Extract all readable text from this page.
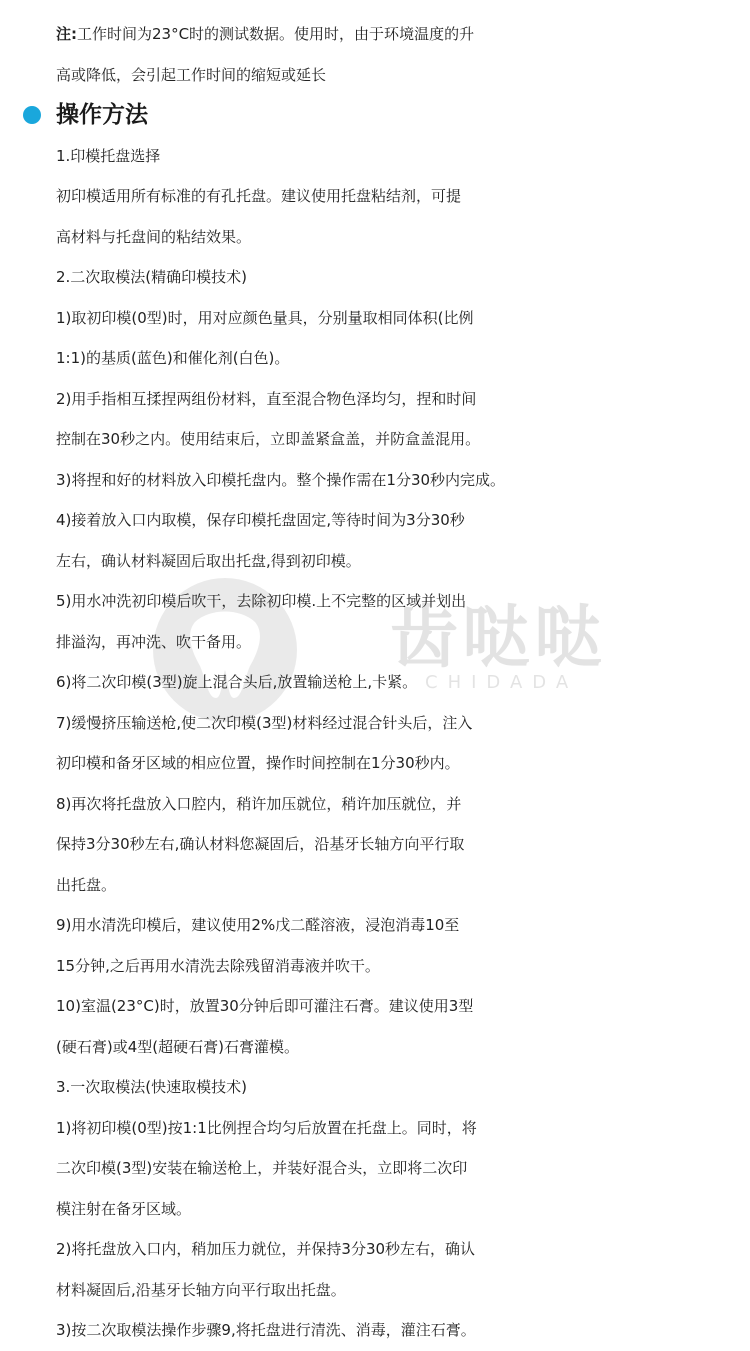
齿哒哒
CHIDADA
注:工作时间为23°C时的测试数据。使用时，由于环境温度的升
高或降低，会引起工作时间的缩短或延长
操作方法
1.印模托盘选择
初印模适用所有标准的有孔托盘。建议使用托盘粘结剂，可提
高材料与托盘间的粘结效果。
2.二次取模法(精确印模技术)
1)取初印模(0型)时，用对应颜色量具，分别量取相同体积(比例
1:1)的基质(蓝色)和催化剂(白色)。
2)用手指相互揉捏两组份材料，直至混合物色泽均匀，捏和时间
控制在30秒之内。使用结束后，立即盖紧盒盖，并防盒盖混用。
3)将捏和好的材料放入印模托盘内。整个操作需在1分30秒内完成。
4)接着放入口内取模，保存印模托盘固定,等待时间为3分30秒
左右，确认材料凝固后取出托盘,得到初印模。
5)用水冲洗初印模后吹干，去除初印模.上不完整的区域并划出
排溢沟，再冲洗、吹干备用。
6)将二次印模(3型)旋上混合头后,放置输送枪上,卡紧。
7)缓慢挤压输送枪,使二次印模(3型)材料经过混合针头后，注入
初印模和备牙区域的相应位置，操作时间控制在1分30秒内。
8)再次将托盘放入口腔内，稍许加压就位，稍许加压就位，并
保持3分30秒左右,确认材料您凝固后，沿基牙长轴方向平行取
出托盘。
9)用水清洗印模后，建议使用2%戊二醛溶液，浸泡消毒10至
15分钟,之后再用水清洗去除残留消毒液并吹干。
10)室温(23°C)时，放置30分钟后即可灌注石膏。建议使用3型
(硬石膏)或4型(超硬石膏)石膏灌模。
3.一次取模法(快速取模技术)
1)将初印模(0型)按1:1比例捏合均匀后放置在托盘上。同时，将
二次印模(3型)安装在输送枪上，并装好混合头，立即将二次印
模注射在备牙区域。
2)将托盘放入口内，稍加压力就位，并保持3分30秒左右，确认
材料凝固后,沿基牙长轴方向平行取出托盘。
3)按二次取模法操作步骤9,将托盘进行清洗、消毒，灌注石膏。
